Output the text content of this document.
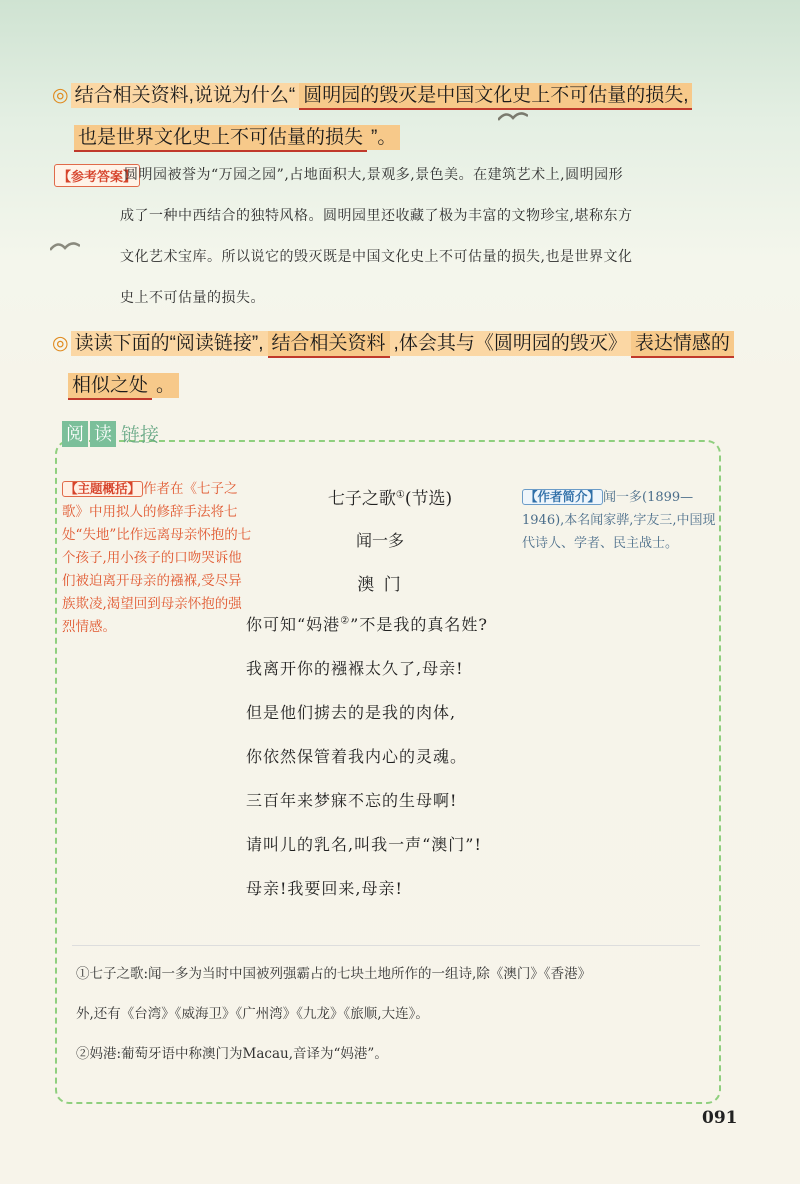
◎ 结合相关资料,说说为什么“ 圆明园的毁灭是中国文化史上不可估量的损失,
也是世界文化史上不可估量的损失 ”。
【参考答案】
圆明园被誉为“万园之园”,占地面积大,景观多,景色美。在建筑艺术上,圆明园形
成了一种中西结合的独特风格。圆明园里还收藏了极为丰富的文物珍宝,堪称东方
文化艺术宝库。所以说它的毁灭既是中国文化史上不可估量的损失,也是世界文化
史上不可估量的损失。
◎ 读读下面的“阅读链接”, 结合相关资料 ,体会其与《圆明园的毁灭》 表达情感的
相似之处 。
阅 读 链接
【主题概括】 作者在《七子之歌》中用拟人的修辞手法将七处“失地”比作远离母亲怀抱的七个孩子,用小孩子的口吻哭诉他们被迫离开母亲的襁褓,受尽异族欺凌,渴望回到母亲怀抱的强烈情感。
【作者简介】 闻一多(1899—1946),本名闻家骅,字友三,中国现代诗人、学者、民主战士。
七子之歌①(节选)
闻一多
澳 门
你可知“妈港②”不是我的真名姓?
我离开你的襁褓太久了,母亲!
但是他们掳去的是我的肉体,
你依然保管着我内心的灵魂。
三百年来梦寐不忘的生母啊!
请叫儿的乳名,叫我一声“澳门”!
母亲!我要回来,母亲!
①七子之歌:闻一多为当时中国被列强霸占的七块土地所作的一组诗,除《澳门》《香港》
外,还有《台湾》《威海卫》《广州湾》《九龙》《旅顺,大连》。
②妈港:葡萄牙语中称澳门为Macau,音译为“妈港”。
091
